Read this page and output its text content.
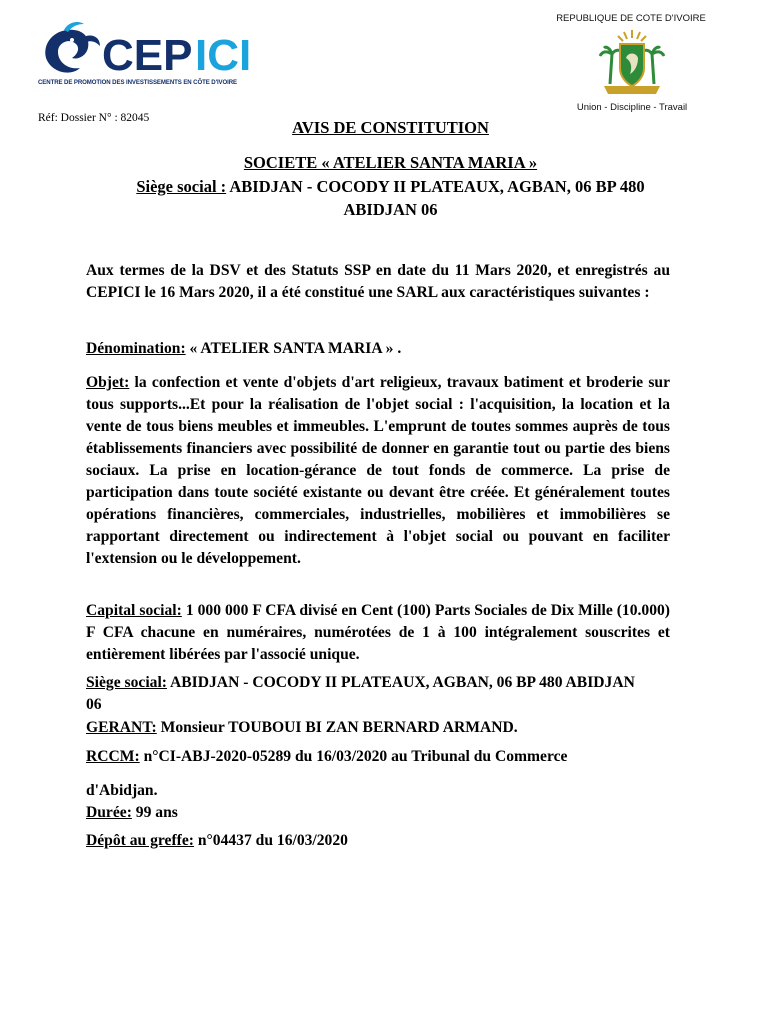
CEP ICI
CENTRE DE PROMOTION DES INVESTISSEMENTS EN CÔTE D'IVOIRE
REPUBLIQUE DE COTE D'IVOIRE
Union - Discipline - Travail
Réf: Dossier N° : 82045	AVIS DE CONSTITUTION
SOCIETE « ATELIER SANTA MARIA »
Siège social : ABIDJAN - COCODY II PLATEAUX, AGBAN, 06 BP 480
ABIDJAN 06
Aux termes de la DSV et des Statuts SSP en date du 11 Mars 2020, et enregistrés au CEPICI le 16 Mars 2020, il a été constitué une SARL aux caractéristiques suivantes :
Dénomination: « ATELIER SANTA MARIA » .
Objet: la confection et vente d'objets d'art religieux, travaux batiment et broderie sur tous supports...Et pour la réalisation de l'objet social : l'acquisition, la location et la vente de tous biens meubles et immeubles. L'emprunt de toutes sommes auprès de tous établissements financiers avec possibilité de donner en garantie tout ou partie des biens sociaux. La prise en location-gérance de tout fonds de commerce. La prise de participation dans toute société existante ou devant être créée. Et généralement toutes opérations financières, commerciales, industrielles, mobilières et immobilières se rapportant directement ou indirectement à l'objet social ou pouvant en faciliter l'extension ou le développement.
Capital social: 1 000 000 F CFA divisé en Cent (100) Parts Sociales de Dix Mille (10.000) F CFA chacune en numéraires, numérotées de 1 à 100 intégralement souscrites et entièrement libérées par l'associé unique.
Siège social: ABIDJAN - COCODY II PLATEAUX, AGBAN, 06 BP 480 ABIDJAN 06
GERANT: Monsieur TOUBOUI BI ZAN BERNARD ARMAND.
RCCM: n°CI-ABJ-2020-05289 du 16/03/2020 au Tribunal du Commerce
d'Abidjan.
Durée: 99 ans
Dépôt au greffe: n°04437 du 16/03/2020
